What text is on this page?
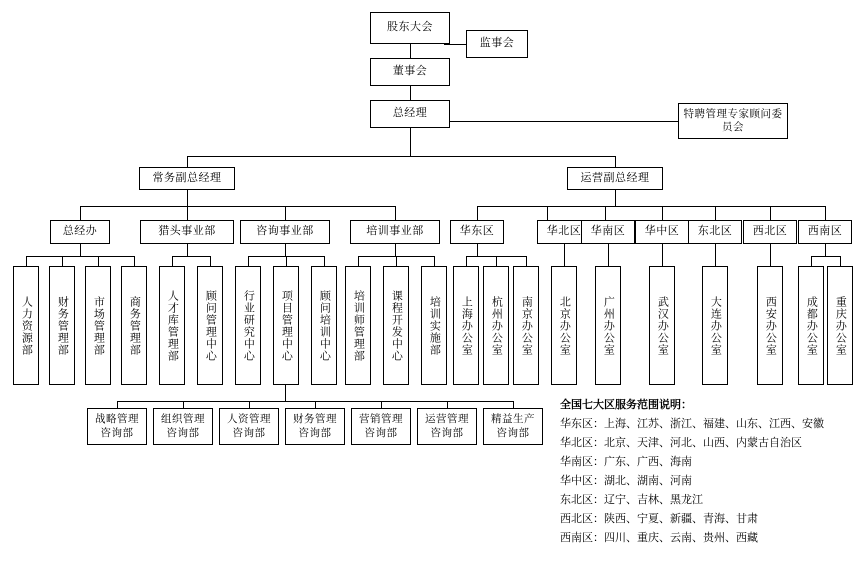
股东大会
监事会
董事会
总经理	特聘管理专家顾问委员会
常务副总经理	运营副总经理
总经办	猎头事业部	咨询事业部	培训事业部	华东区	华北区 华南区	华中区	东北区	西北区	西南区
人力资源部	财务管理部	市场管理部	商务管理部	人才库管理部	顾问管理中心	行业研究中心	项目管理中心	顾问培训中心	培训师管理部	课程开发中心	培训实施部	上海办公室	杭州办公室	南京办公室	北京办公室	广州办公室	武汉办公室	大连办公室	西安办公室	成都办公室	重庆办公室
战略管理咨询部
组织管理咨询部
人资管理咨询部
财务管理咨询部
营销管理咨询部
运营管理咨询部
精益生产咨询部
全国七大区服务范围说明：
华东区：上海、江苏、浙江、福建、山东、江西、安徽
华北区：北京、天津、河北、山西、内蒙古自治区
华南区：广东、广西、海南
华中区：湖北、湖南、河南
东北区：辽宁、吉林、黑龙江
西北区：陕西、宁夏、新疆、青海、甘肃
西南区：四川、重庆、云南、贵州、西藏
